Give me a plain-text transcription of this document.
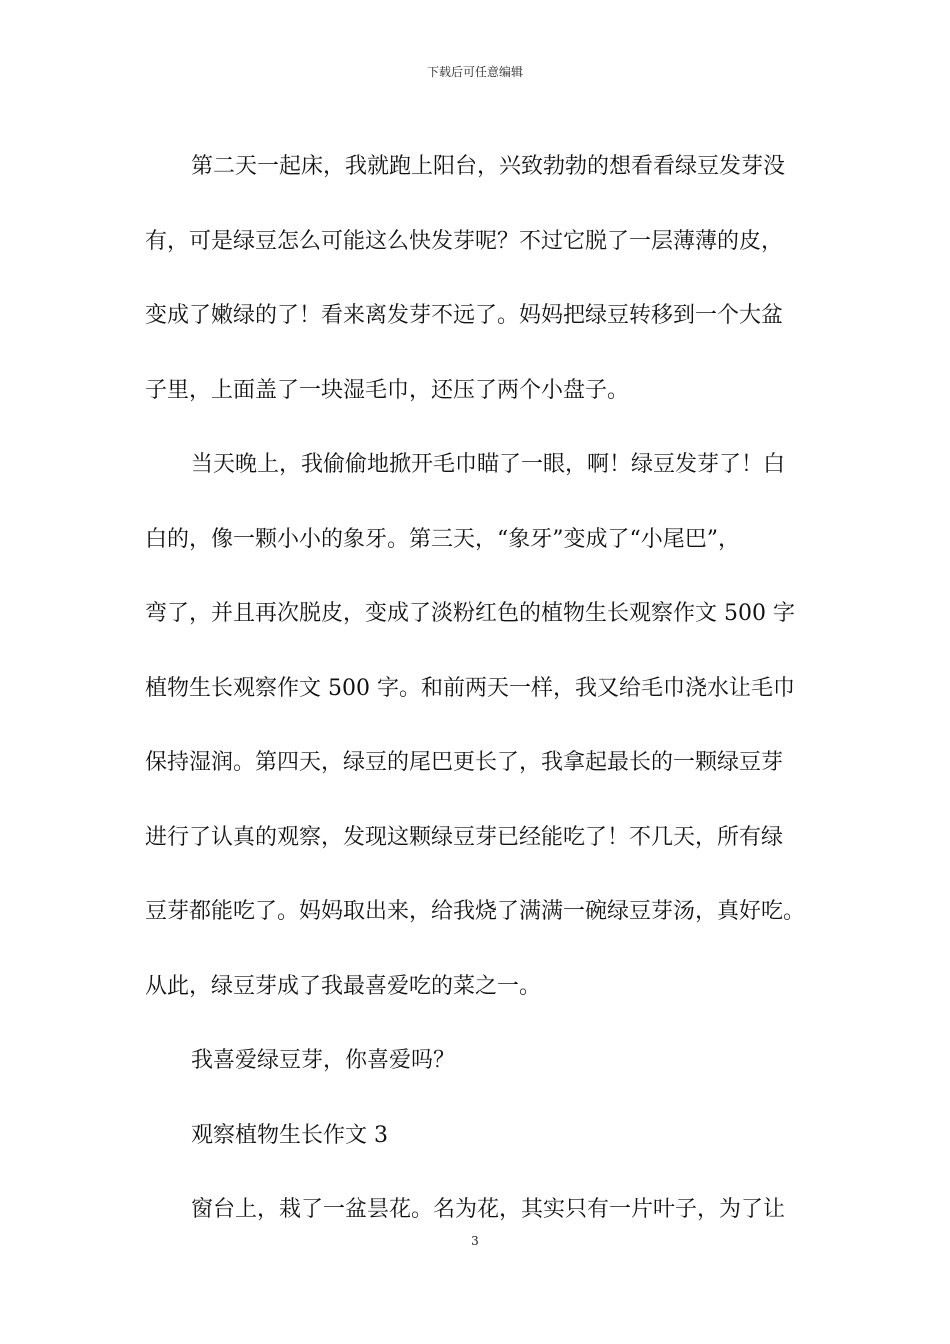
下载后可任意编辑
第二天一起床，我就跑上阳台，兴致勃勃的想看看绿豆发芽没
有，可是绿豆怎么可能这么快发芽呢？不过它脱了一层薄薄的皮，
变成了嫩绿的了！看来离发芽不远了。妈妈把绿豆转移到一个大盆
子里，上面盖了一块湿毛巾，还压了两个小盘子。
当天晚上，我偷偷地掀开毛巾瞄了一眼，啊！绿豆发芽了！白
白的，像一颗小小的象牙。第三天，“象牙”变成了“小尾巴”，
弯了，并且再次脱皮，变成了淡粉红色的植物生长观察作文 500 字
植物生长观察作文 500 字。和前两天一样，我又给毛巾浇水让毛巾
保持湿润。第四天，绿豆的尾巴更长了，我拿起最长的一颗绿豆芽
进行了认真的观察，发现这颗绿豆芽已经能吃了！不几天，所有绿
豆芽都能吃了。妈妈取出来，给我烧了满满一碗绿豆芽汤，真好吃。
从此，绿豆芽成了我最喜爱吃的菜之一。
我喜爱绿豆芽，你喜爱吗？
观察植物生长作文 3
窗台上，栽了一盆昙花。名为花，其实只有一片叶子，为了让
3
